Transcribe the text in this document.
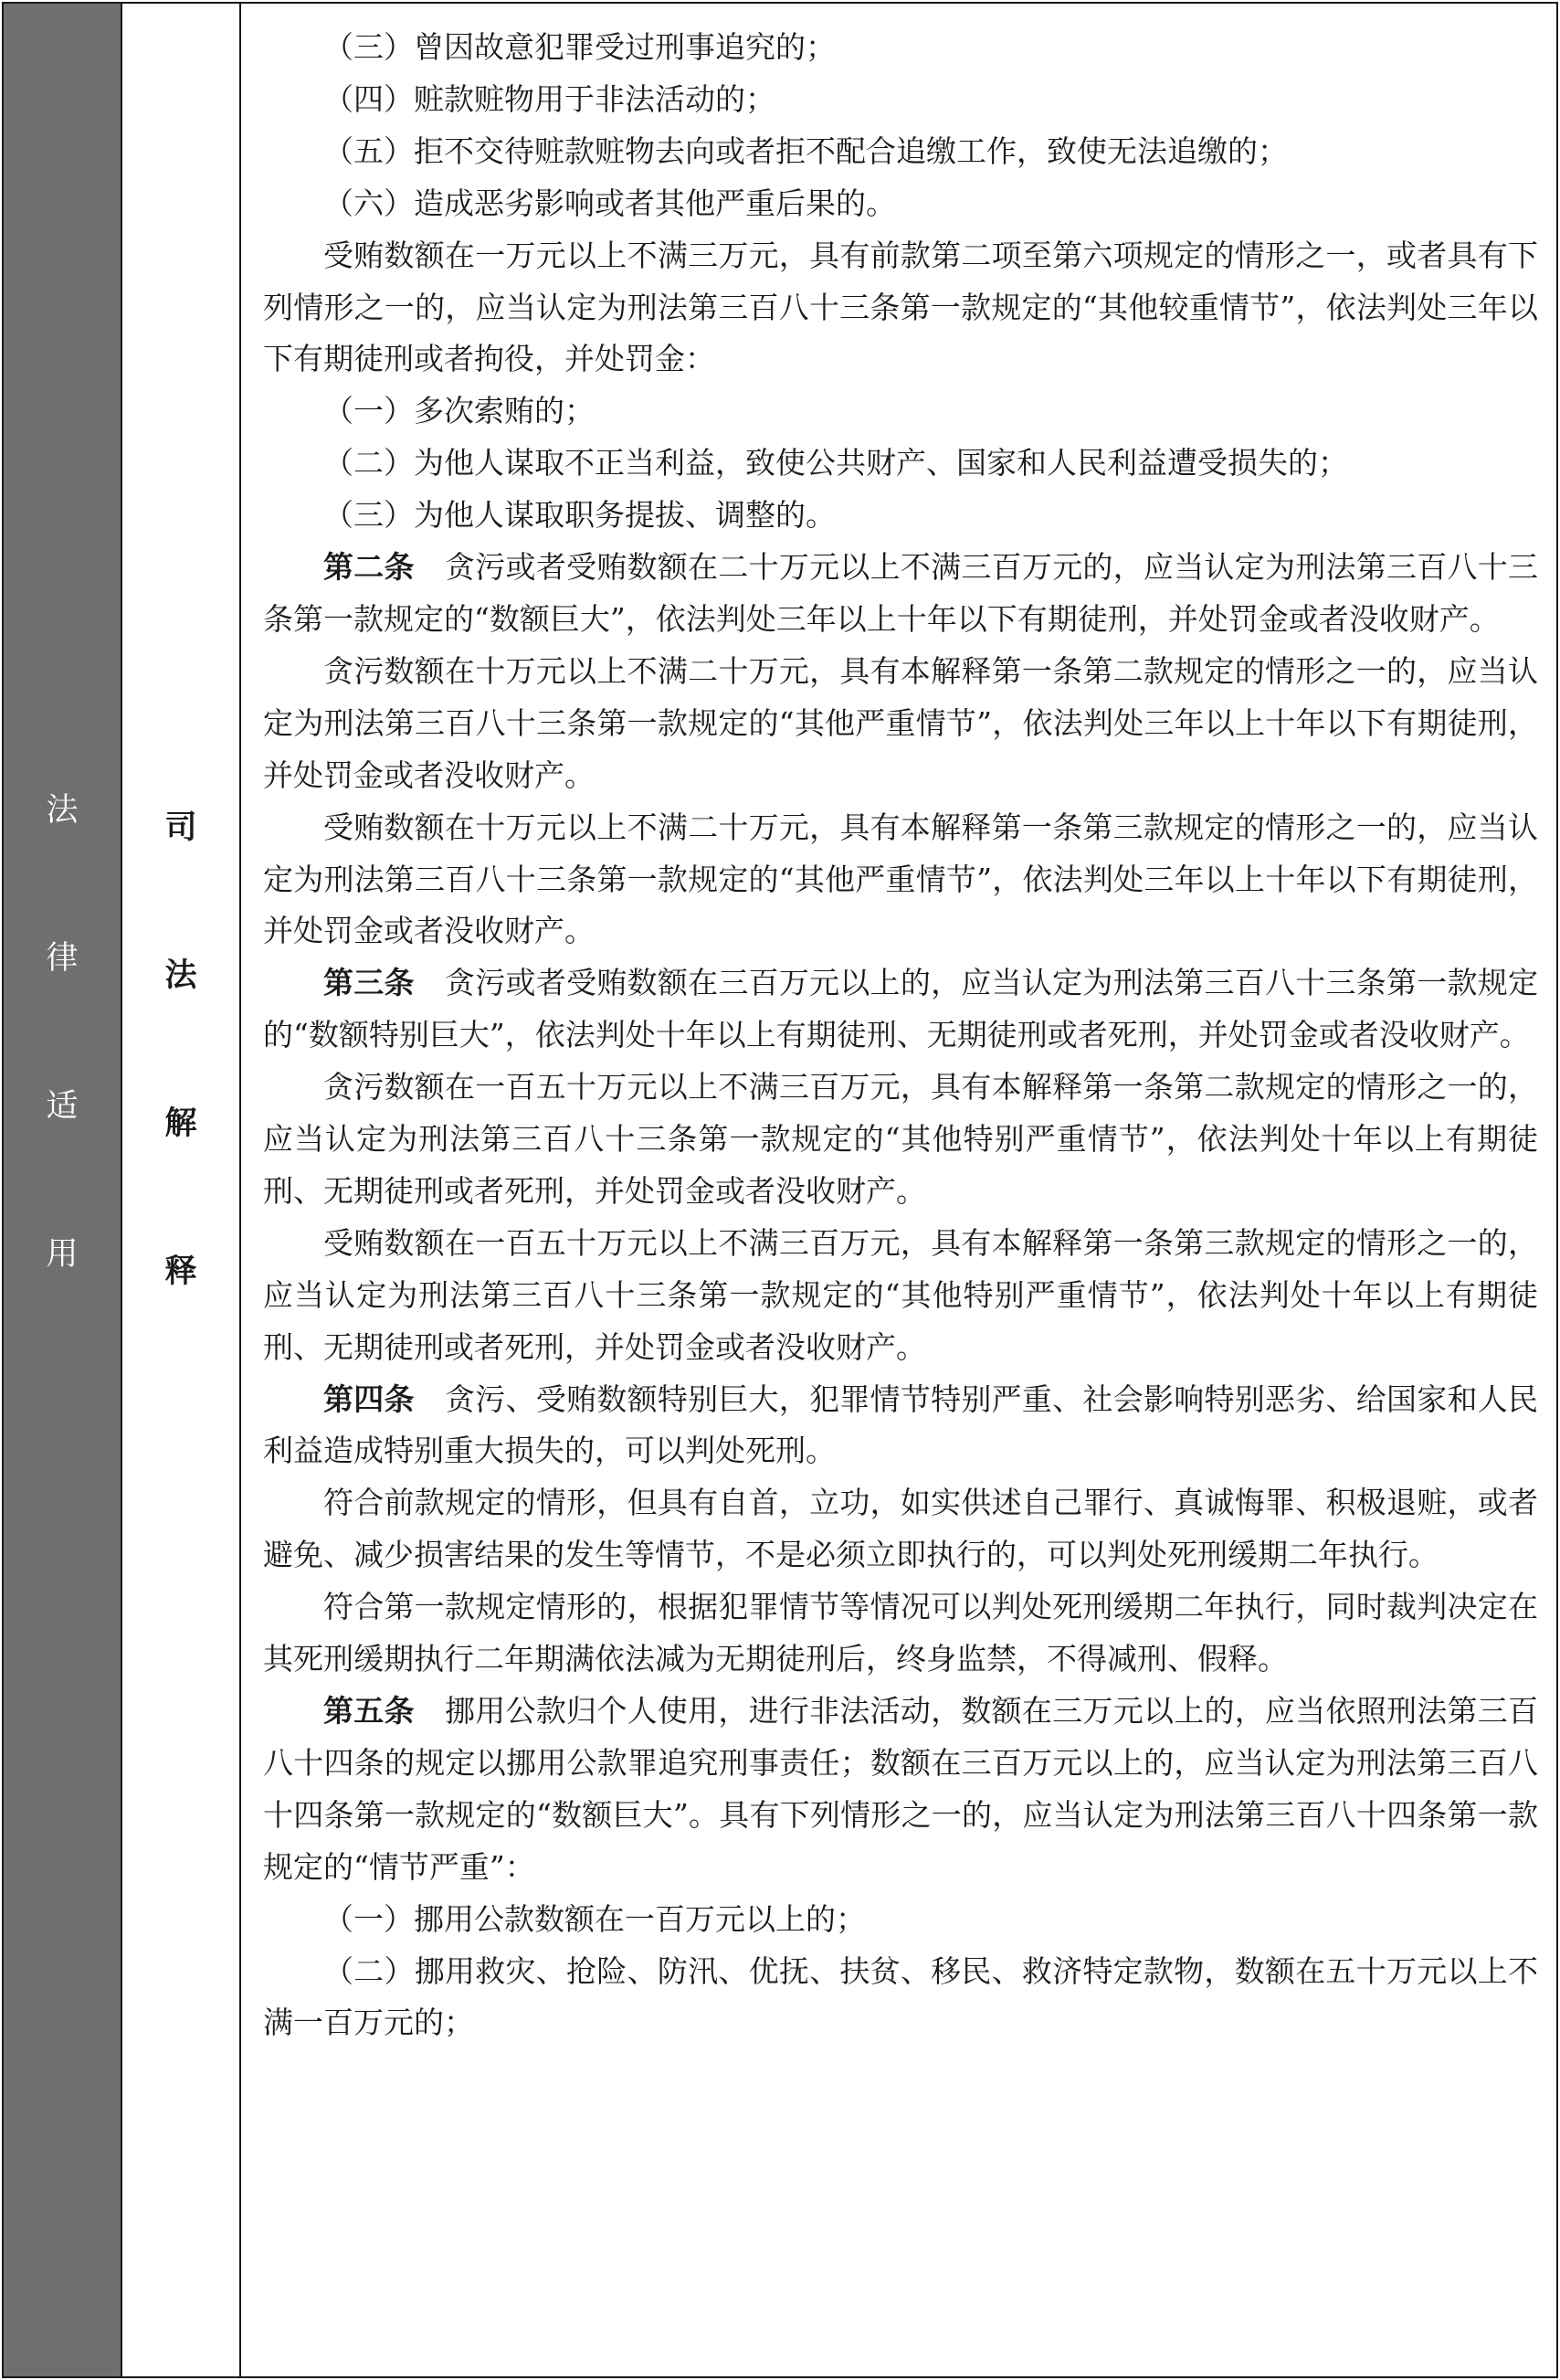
法
律
适
用
司
法
解
释

（三）曾因故意犯罪受过刑事追究的；

（四）赃款赃物用于非法活动的；

（五）拒不交待赃款赃物去向或者拒不配合追缴工作，致使无法追缴的；

（六）造成恶劣影响或者其他严重后果的。

受贿数额在一万元以上不满三万元，具有前款第二项至第六项规定的情形之一，或者具有下列情形之一的，应当认定为刑法第三百八十三条第一款规定的“其他较重情节”，依法判处三年以下有期徒刑或者拘役，并处罚金：

（一）多次索贿的；

（二）为他人谋取不正当利益，致使公共财产、国家和人民利益遭受损失的；

（三）为他人谋取职务提拔、调整的。

第二条　 贪污或者受贿数额在二十万元以上不满三百万元的，应当认定为刑法第三百八十三条第一款规定的“数额巨大”，依法判处三年以上十年以下有期徒刑，并处罚金或者没收财产。

贪污数额在十万元以上不满二十万元，具有本解释第一条第二款规定的情形之一的，应当认定为刑法第三百八十三条第一款规定的“其他严重情节”，依法判处三年以上十年以下有期徒刑，并处罚金或者没收财产。

受贿数额在十万元以上不满二十万元，具有本解释第一条第三款规定的情形之一的，应当认定为刑法第三百八十三条第一款规定的“其他严重情节”，依法判处三年以上十年以下有期徒刑，并处罚金或者没收财产。

第三条　 贪污或者受贿数额在三百万元以上的，应当认定为刑法第三百八十三条第一款规定的“数额特别巨大”，依法判处十年以上有期徒刑、无期徒刑或者死刑，并处罚金或者没收财产。

贪污数额在一百五十万元以上不满三百万元，具有本解释第一条第二款规定的情形之一的，应当认定为刑法第三百八十三条第一款规定的“其他特别严重情节”，依法判处十年以上有期徒刑、无期徒刑或者死刑，并处罚金或者没收财产。

受贿数额在一百五十万元以上不满三百万元，具有本解释第一条第三款规定的情形之一的，应当认定为刑法第三百八十三条第一款规定的“其他特别严重情节”，依法判处十年以上有期徒刑、无期徒刑或者死刑，并处罚金或者没收财产。

第四条　 贪污、受贿数额特别巨大，犯罪情节特别严重、社会影响特别恶劣、给国家和人民利益造成特别重大损失的，可以判处死刑。

符合前款规定的情形，但具有自首，立功，如实供述自己罪行、真诚悔罪、积极退赃，或者避免、减少损害结果的发生等情节，不是必须立即执行的，可以判处死刑缓期二年执行。

符合第一款规定情形的，根据犯罪情节等情况可以判处死刑缓期二年执行，同时裁判决定在其死刑缓期执行二年期满依法减为无期徒刑后，终身监禁，不得减刑、假释。

第五条　 挪用公款归个人使用，进行非法活动，数额在三万元以上的，应当依照刑法第三百八十四条的规定以挪用公款罪追究刑事责任；数额在三百万元以上的，应当认定为刑法第三百八十四条第一款规定的“数额巨大”。具有下列情形之一的，应当认定为刑法第三百八十四条第一款规定的“情节严重”：

（一）挪用公款数额在一百万元以上的；

（二）挪用救灾、抢险、防汛、优抚、扶贫、移民、救济特定款物，数额在五十万元以上不满一百万元的；
